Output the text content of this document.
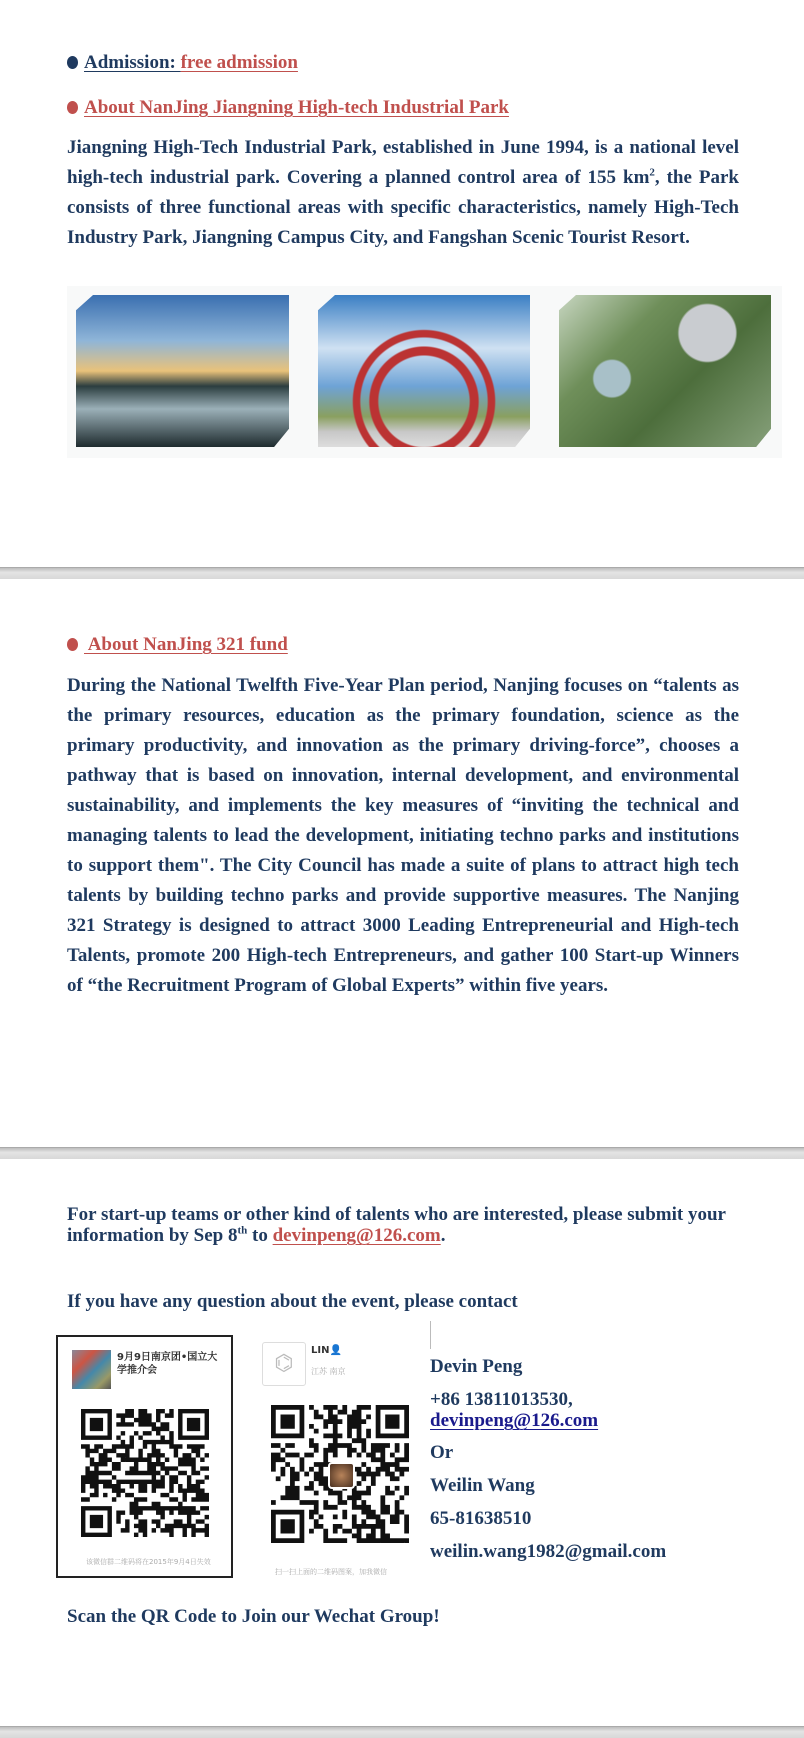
Admission: free admission
About NanJing Jiangning High-tech Industrial Park
Jiangning High-Tech Industrial Park, established in June 1994, is a national level high-tech industrial park. Covering a planned control area of 155 $km^2$, the Park consists of three functional areas with specific characteristics, namely High-Tech Industry Park, Jiangning Campus City, and Fangshan Scenic Tourist Resort.
About NanJing 321 fund
During the National Twelfth Five-Year Plan period, Nanjing focuses on “talents as the primary resources, education as the primary foundation, science as the primary productivity, and innovation as the primary driving-force”, chooses a pathway that is based on innovation, internal development, and environmental sustainability, and implements the key measures of “inviting the technical and managing talents to lead the development, initiating techno parks and institutions to support them". The City Council has made a suite of plans to attract high tech talents by building techno parks and provide supportive measures. The Nanjing 321 Strategy is designed to attract 3000 Leading Entrepreneurial and High-tech Talents, promote 200 High-tech Entrepreneurs, and gather 100 Start-up Winners of “the Recruitment Program of Global Experts” within five years.
For start-up teams or other kind of talents who are interested, please submit your information by Sep 8th to devinpeng@126.com.
If you have any question about the event, please contact
9月9日南京团•国立大学推介会
该微信群二维码将在2015年9月4日失效
⌬
LIN👤
江苏 南京
扫一扫上面的二维码图案，加我微信
Devin Peng
+86 13811013530,
devinpeng@126.com
Or
Weilin Wang
65-81638510
weilin.wang1982@gmail.com
Scan the QR Code to Join our Wechat Group!
